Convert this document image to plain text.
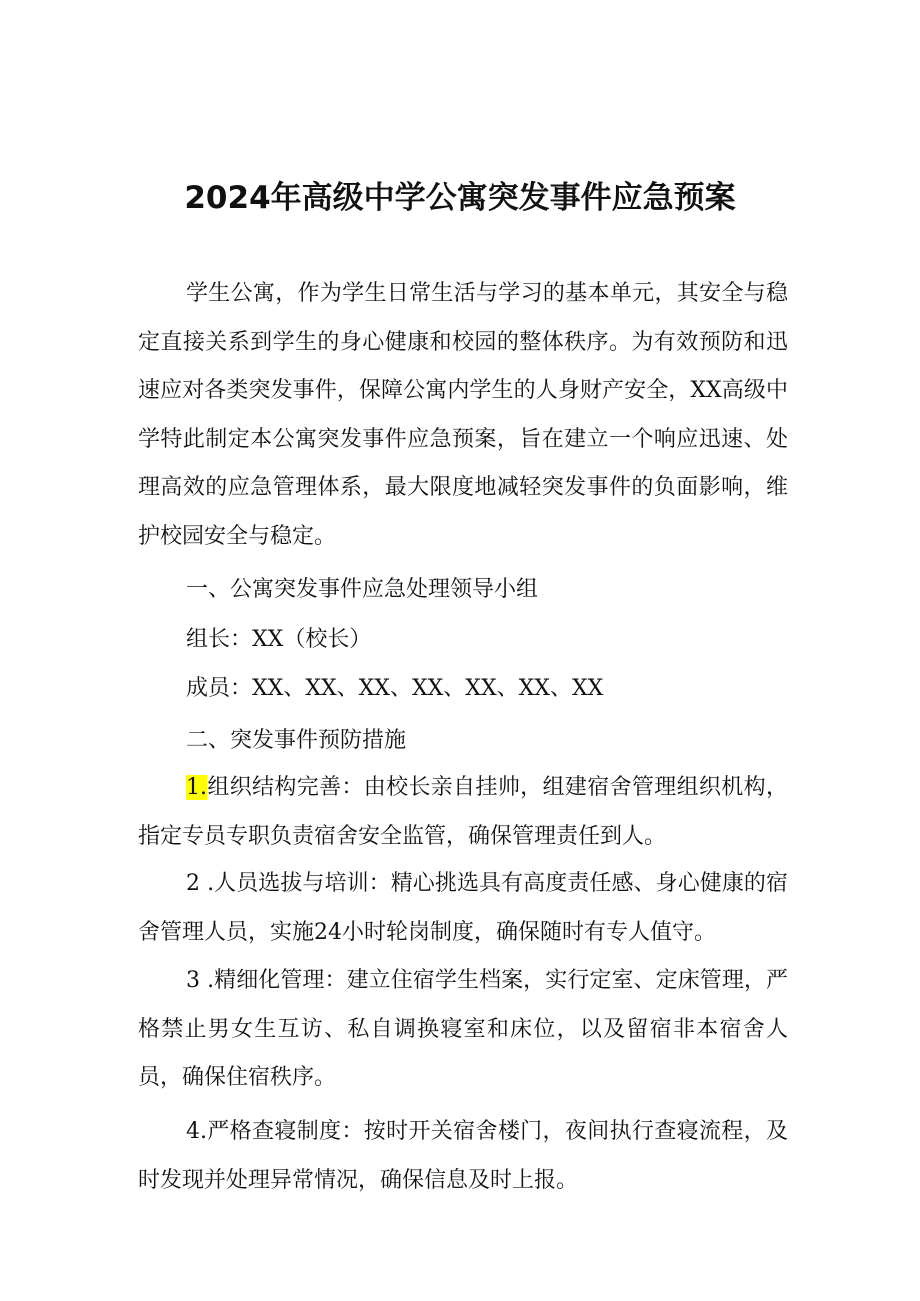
2024年高级中学公寓突发事件应急预案
学生公寓，作为学生日常生活与学习的基本单元，其安全与稳定直接关系到学生的身心健康和校园的整体秩序。为有效预防和迅速应对各类突发事件，保障公寓内学生的人身财产安全，XX高级中学特此制定本公寓突发事件应急预案，旨在建立一个响应迅速、处理高效的应急管理体系，最大限度地减轻突发事件的负面影响，维护校园安全与稳定。
一、公寓突发事件应急处理领导小组
组长：XX（校长）
成员：XX、XX、XX、XX、XX、XX、XX
二、突发事件预防措施
1.组织结构完善：由校长亲自挂帅，组建宿舍管理组织机构，指定专员专职负责宿舍安全监管，确保管理责任到人。
2 .人员选拔与培训：精心挑选具有高度责任感、身心健康的宿舍管理人员，实施24小时轮岗制度，确保随时有专人值守。
3 .精细化管理：建立住宿学生档案，实行定室、定床管理，严格禁止男女生互访、私自调换寝室和床位，以及留宿非本宿舍人员，确保住宿秩序。
4.严格查寝制度：按时开关宿舍楼门，夜间执行查寝流程，及时发现并处理异常情况，确保信息及时上报。
